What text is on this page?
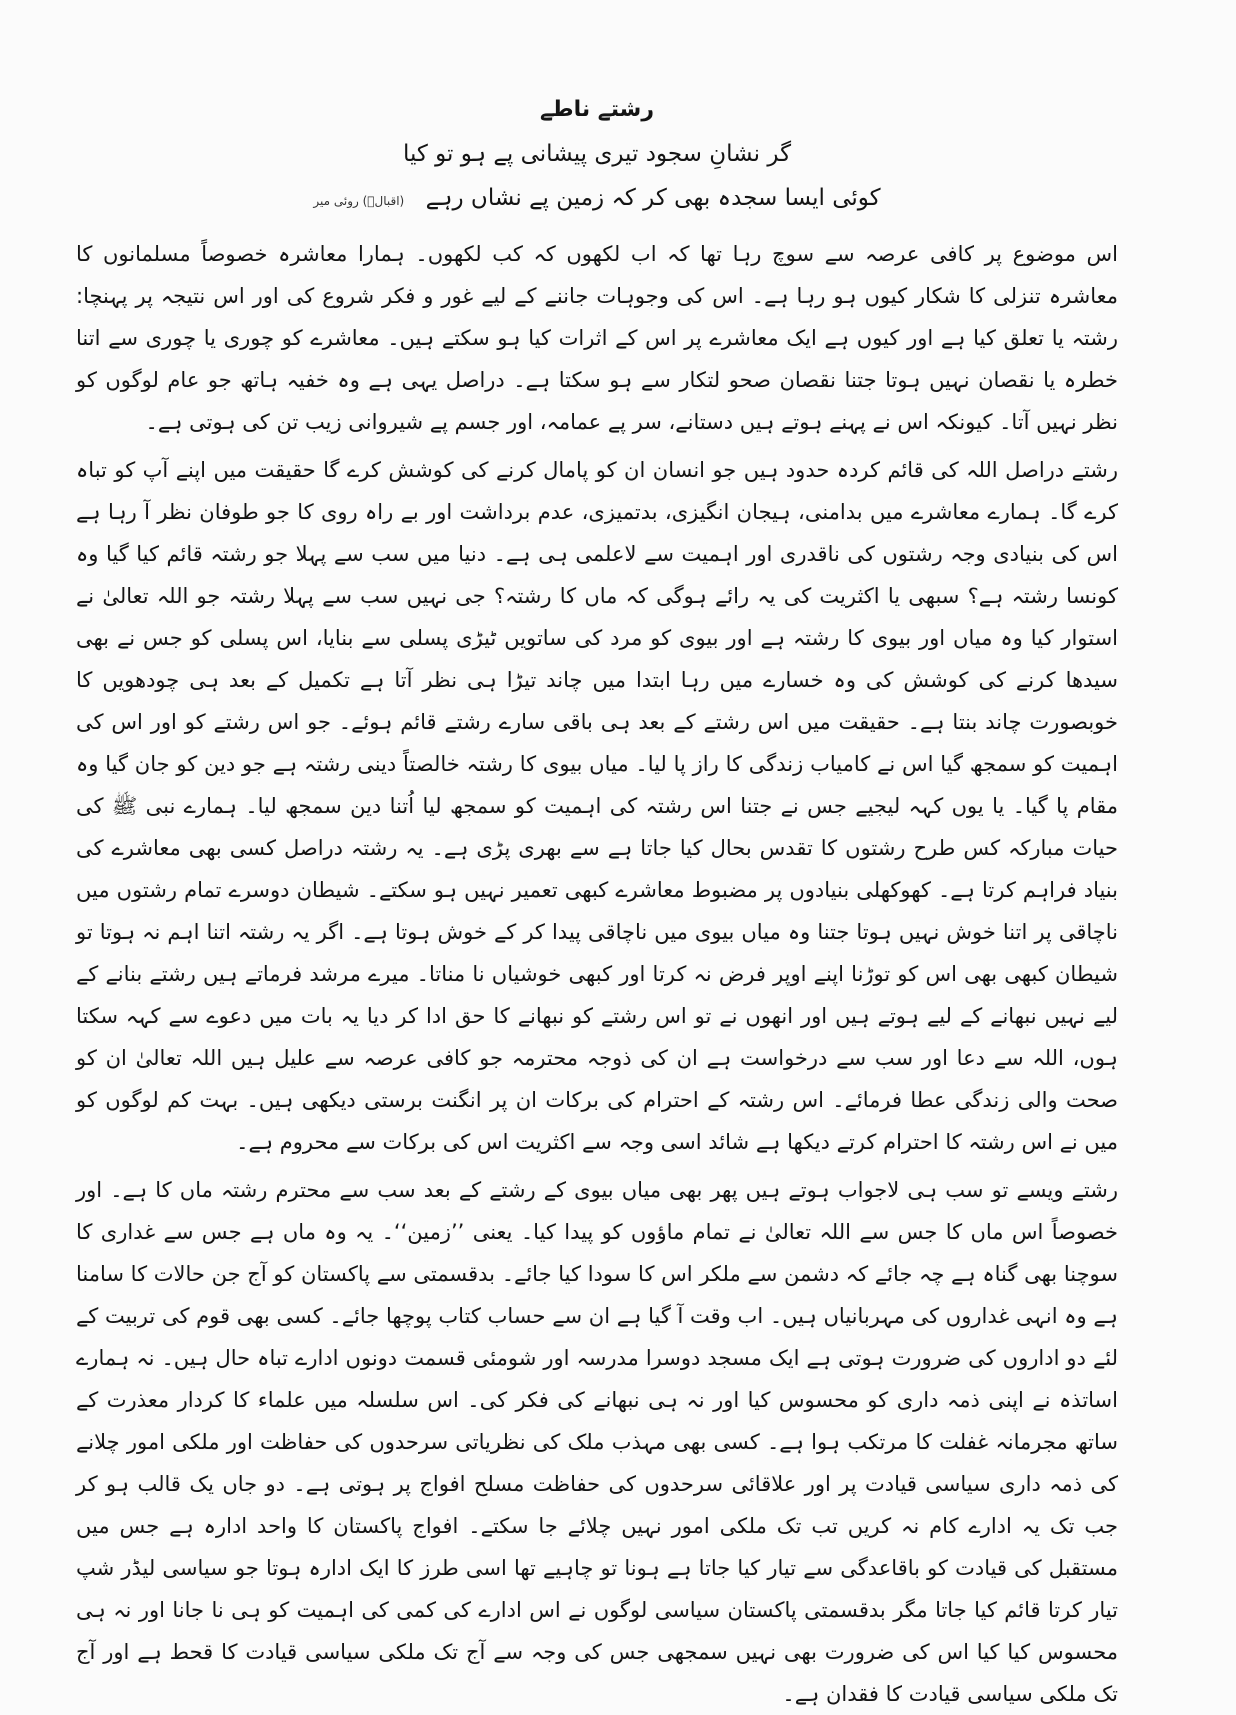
رشتے ناطے

گر نشانِ سجود تیری پیشانی پے ہو تو کیا

کوئی ایسا سجدہ بھی کر کہ زمین پے نشاں رہے (اقبالؒ) روئی میر

اس موضوع پر کافی عرصہ سے سوچ رہا تھا کہ اب لکھوں کہ کب لکھوں۔ ہمارا معاشرہ خصوصاً مسلمانوں کا معاشرہ تنزلی کا شکار کیوں ہو رہا ہے۔ اس کی وجوہات جاننے کے لیے غور و فکر شروع کی اور اس نتیجہ پر پہنچا: رشتہ یا تعلق کیا ہے اور کیوں ہے ایک معاشرے پر اس کے اثرات کیا ہو سکتے ہیں۔ معاشرے کو چوری یا چوری سے اتنا خطرہ یا نقصان نہیں ہوتا جتنا نقصان صحو لتکار سے ہو سکتا ہے۔ دراصل یہی ہے وہ خفیہ ہاتھ جو عام لوگوں کو نظر نہیں آتا۔ کیونکہ اس نے پہنے ہوتے ہیں دستانے، سر پے عمامہ، اور جسم پے شیروانی زیب تن کی ہوتی ہے۔

رشتے دراصل اللہ کی قائم کردہ حدود ہیں جو انسان ان کو پامال کرنے کی کوشش کرے گا حقیقت میں اپنے آپ کو تباہ کرے گا۔ ہمارے معاشرے میں بدامنی، ہیجان انگیزی، بدتمیزی، عدم برداشت اور بے راہ روی کا جو طوفان نظر آ رہا ہے اس کی بنیادی وجہ رشتوں کی ناقدری اور اہمیت سے لاعلمی ہی ہے۔ دنیا میں سب سے پہلا جو رشتہ قائم کیا گیا وہ کونسا رشتہ ہے؟ سبھی یا اکثریت کی یہ رائے ہوگی کہ ماں کا رشتہ؟ جی نہیں سب سے پہلا رشتہ جو اللہ تعالیٰ نے استوار کیا وہ میاں اور بیوی کا رشتہ ہے اور بیوی کو مرد کی ساتویں ٹیڑی پسلی سے بنایا، اس پسلی کو جس نے بھی سیدھا کرنے کی کوشش کی وہ خسارے میں رہا ابتدا میں چاند تیڑا ہی نظر آتا ہے تکمیل کے بعد ہی چودھویں کا خوبصورت چاند بنتا ہے۔ حقیقت میں اس رشتے کے بعد ہی باقی سارے رشتے قائم ہوئے۔ جو اس رشتے کو اور اس کی اہمیت کو سمجھ گیا اس نے کامیاب زندگی کا راز پا لیا۔ میاں بیوی کا رشتہ خالصتاً دینی رشتہ ہے جو دین کو جان گیا وہ مقام پا گیا۔ یا یوں کہہ لیجیے جس نے جتنا اس رشتہ کی اہمیت کو سمجھ لیا اُتنا دین سمجھ لیا۔ ہمارے نبی ﷺ کی حیات مبارکہ کس طرح رشتوں کا تقدس بحال کیا جاتا ہے سے بھری پڑی ہے۔ یہ رشتہ دراصل کسی بھی معاشرے کی بنیاد فراہم کرتا ہے۔ کھوکھلی بنیادوں پر مضبوط معاشرے کبھی تعمیر نہیں ہو سکتے۔ شیطان دوسرے تمام رشتوں میں ناچاقی پر اتنا خوش نہیں ہوتا جتنا وہ میاں بیوی میں ناچاقی پیدا کر کے خوش ہوتا ہے۔ اگر یہ رشتہ اتنا اہم نہ ہوتا تو شیطان کبھی بھی اس کو توڑنا اپنے اوپر فرض نہ کرتا اور کبھی خوشیاں نا مناتا۔ میرے مرشد فرماتے ہیں رشتے بنانے کے لیے نہیں نبھانے کے لیے ہوتے ہیں اور انھوں نے تو اس رشتے کو نبھانے کا حق ادا کر دیا یہ بات میں دعوے سے کہہ سکتا ہوں، اللہ سے دعا اور سب سے درخواست ہے ان کی ذوجہ محترمہ جو کافی عرصہ سے علیل ہیں اللہ تعالیٰ ان کو صحت والی زندگی عطا فرمائے۔ اس رشتہ کے احترام کی برکات ان پر انگنت برستی دیکھی ہیں۔ بہت کم لوگوں کو میں نے اس رشتہ کا احترام کرتے دیکھا ہے شائد اسی وجہ سے اکثریت اس کی برکات سے محروم ہے۔

رشتے ویسے تو سب ہی لاجواب ہوتے ہیں پھر بھی میاں بیوی کے رشتے کے بعد سب سے محترم رشتہ ماں کا ہے۔ اور خصوصاً اس ماں کا جس سے اللہ تعالیٰ نے تمام ماؤوں کو پیدا کیا۔ یعنی ’’زمین‘‘۔ یہ وہ ماں ہے جس سے غداری کا سوچنا بھی گناہ ہے چہ جائے کہ دشمن سے ملکر اس کا سودا کیا جائے۔ بدقسمتی سے پاکستان کو آج جن حالات کا سامنا ہے وہ انہی غداروں کی مہربانیاں ہیں۔ اب وقت آ گیا ہے ان سے حساب کتاب پوچھا جائے۔ کسی بھی قوم کی تربیت کے لئے دو اداروں کی ضرورت ہوتی ہے ایک مسجد دوسرا مدرسہ اور شومئی قسمت دونوں ادارے تباہ حال ہیں۔ نہ ہمارے اساتذہ نے اپنی ذمہ داری کو محسوس کیا اور نہ ہی نبھانے کی فکر کی۔ اس سلسلہ میں علماء کا کردار معذرت کے ساتھ مجرمانہ غفلت کا مرتکب ہوا ہے۔ کسی بھی مہذب ملک کی نظریاتی سرحدوں کی حفاظت اور ملکی امور چلانے کی ذمہ داری سیاسی قیادت پر اور علاقائی سرحدوں کی حفاظت مسلح افواج پر ہوتی ہے۔ دو جاں یک قالب ہو کر جب تک یہ ادارے کام نہ کریں تب تک ملکی امور نہیں چلائے جا سکتے۔ افواج پاکستان کا واحد ادارہ ہے جس میں مستقبل کی قیادت کو باقاعدگی سے تیار کیا جاتا ہے ہونا تو چاہیے تھا اسی طرز کا ایک ادارہ ہوتا جو سیاسی لیڈر شپ تیار کرتا قائم کیا جاتا مگر بدقسمتی پاکستان سیاسی لوگوں نے اس ادارے کی کمی کی اہمیت کو ہی نا جانا اور نہ ہی محسوس کیا کیا اس کی ضرورت بھی نہیں سمجھی جس کی وجہ سے آج تک ملکی سیاسی قیادت کا قحط ہے اور آج تک ملکی سیاسی قیادت کا فقدان ہے۔
